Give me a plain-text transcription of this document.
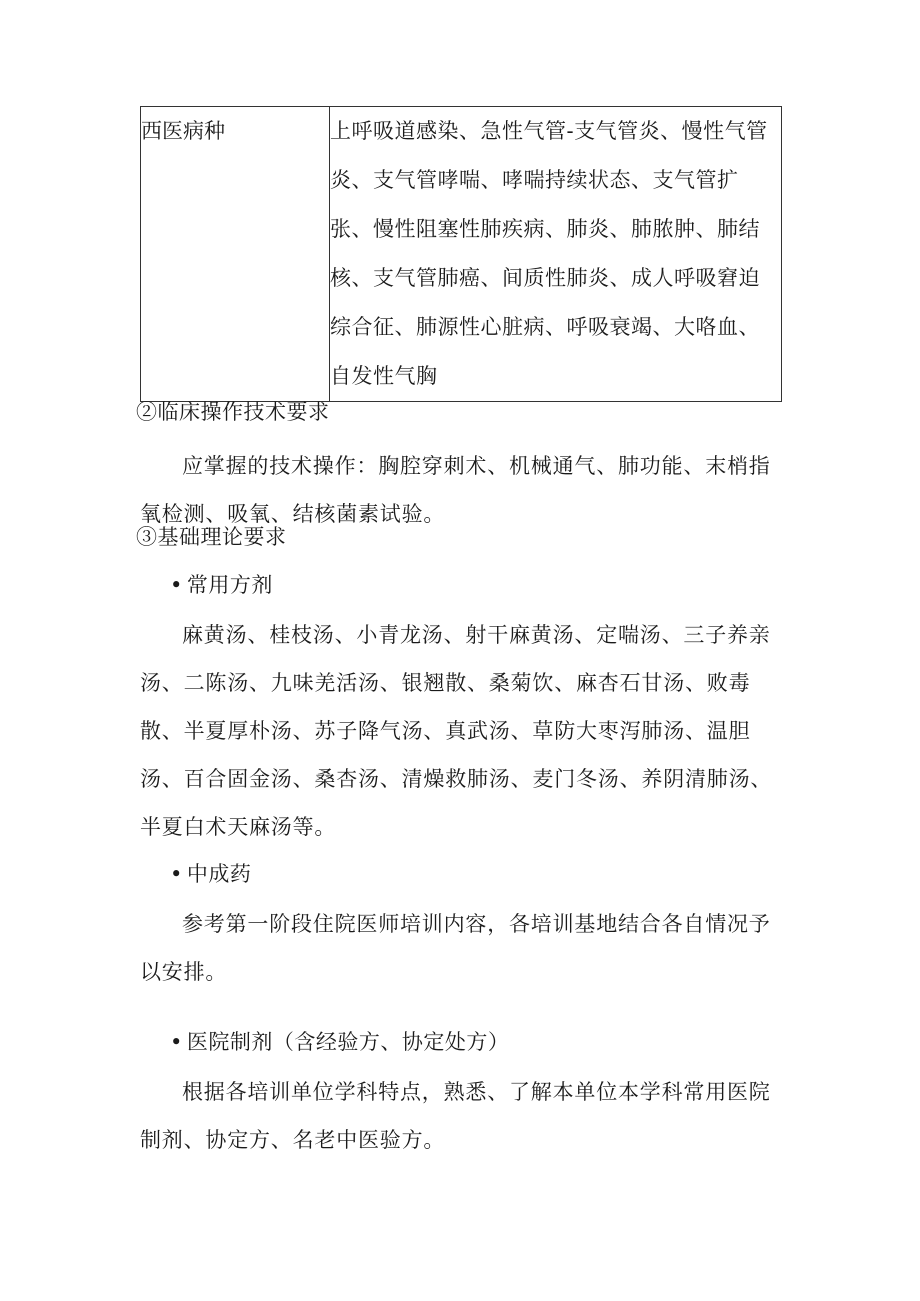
西医病种	上呼吸道感染、急性气管-支气管炎、慢性气管炎、支气管哮喘、哮喘持续状态、支气管扩张、慢性阻塞性肺疾病、肺炎、肺脓肿、肺结核、支气管肺癌、间质性肺炎、成人呼吸窘迫综合征、肺源性心脏病、呼吸衰竭、大咯血、自发性气胸
②临床操作技术要求
应掌握的技术操作：胸腔穿刺术、机械通气、肺功能、末梢指氧检测、吸氧、结核菌素试验。
③基础理论要求
• 常用方剂
麻黄汤、桂枝汤、小青龙汤、射干麻黄汤、定喘汤、三子养亲汤、二陈汤、九味羌活汤、银翘散、桑菊饮、麻杏石甘汤、败毒散、半夏厚朴汤、苏子降气汤、真武汤、草防大枣泻肺汤、温胆汤、百合固金汤、桑杏汤、清燥救肺汤、麦门冬汤、养阴清肺汤、半夏白术天麻汤等。
• 中成药
参考第一阶段住院医师培训内容，各培训基地结合各自情况予以安排。
• 医院制剂（含经验方、协定处方）
根据各培训单位学科特点，熟悉、了解本单位本学科常用医院制剂、协定方、名老中医验方。
